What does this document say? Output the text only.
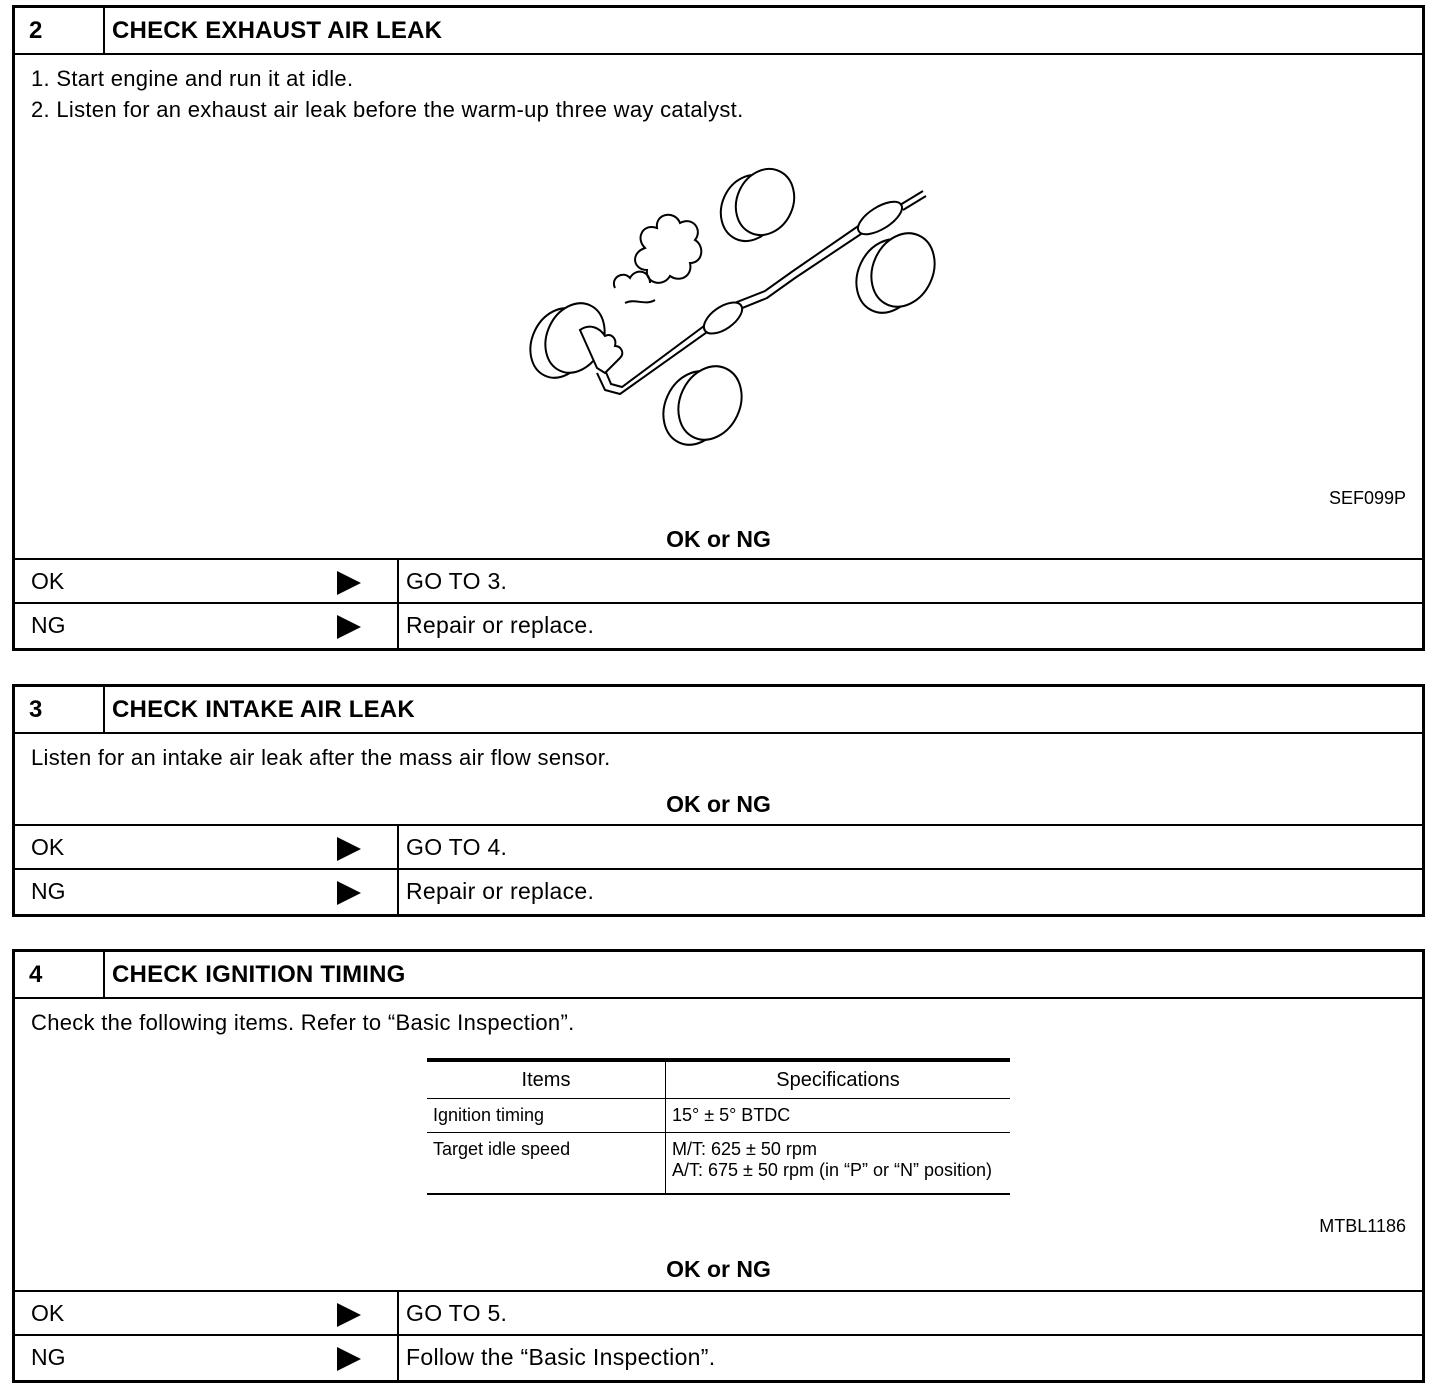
2	CHECK EXHAUST AIR LEAK
1. Start engine and run it at idle.
2. Listen for an exhaust air leak before the warm-up three way catalyst.
SEF099P
OK or NG
OK	GO TO 3.
NG	Repair or replace.
3	CHECK INTAKE AIR LEAK
Listen for an intake air leak after the mass air flow sensor.
OK or NG
OK	GO TO 4.
NG	Repair or replace.
4	CHECK IGNITION TIMING
Check the following items. Refer to “Basic Inspection”.
Items	Specifications
Ignition timing	15° ± 5° BTDC
Target idle speed	M/T: 625 ± 50 rpm
A/T: 675 ± 50 rpm (in “P” or “N” position)
MTBL1186
OK or NG
OK	GO TO 5.
NG	Follow the “Basic Inspection”.
